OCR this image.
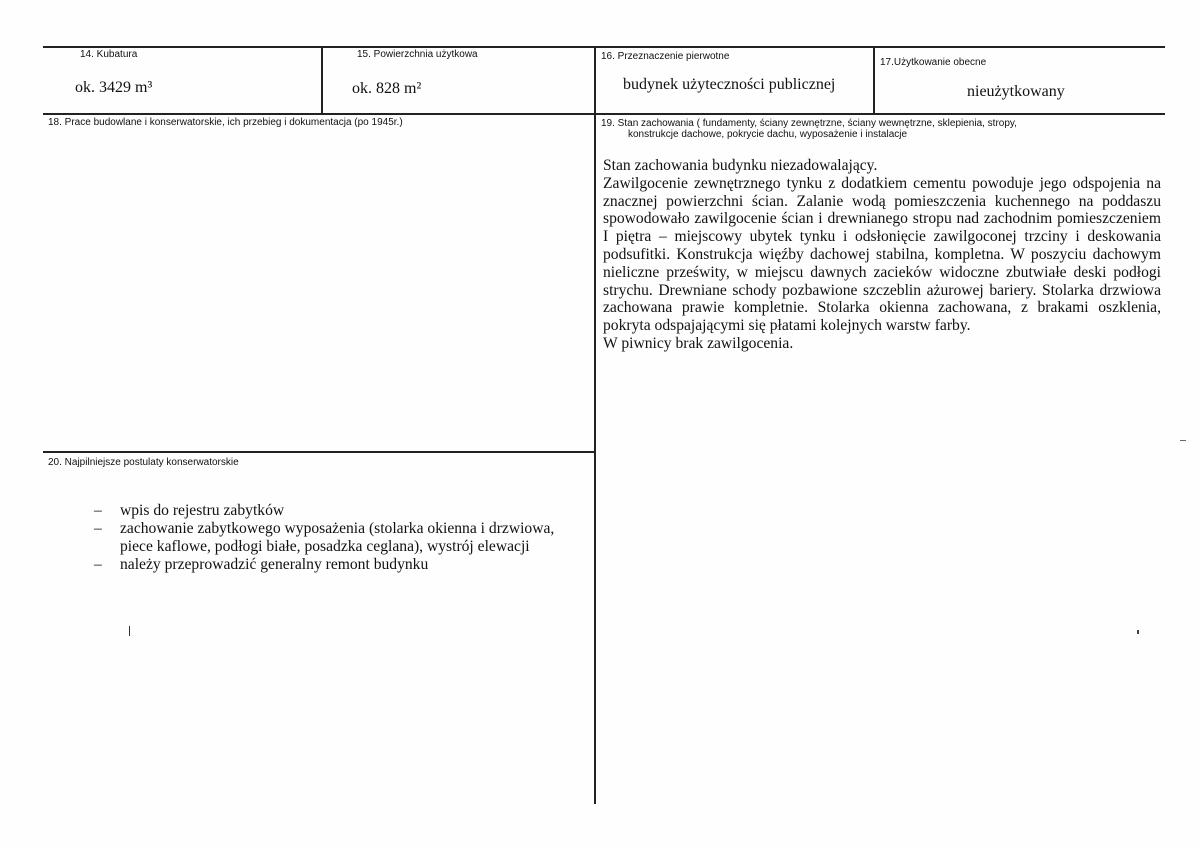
14. Kubatura
ok. 3429 m³
15. Powierzchnia użytkowa
ok. 828 m²
16. Przeznaczenie pierwotne
budynek użyteczności publicznej
17.Użytkowanie obecne
nieużytkowany
18. Prace budowlane i konserwatorskie, ich przebieg i dokumentacja (po 1945r.)	19. Stan zachowania ( fundamenty, ściany zewnętrzne, ściany wewnętrzne, sklepienia, stropy,
konstrukcje dachowe, pokrycie dachu, wyposażenie i instalacje

Stan zachowania budynku niezadowalający.

Zawilgocenie zewnętrznego tynku z dodatkiem cementu powoduje jego odspojenia na znacznej powierzchni ścian. Zalanie wodą pomieszczenia kuchennego na poddaszu spowodowało zawilgocenie ścian i drewnianego stropu nad zachodnim pomieszczeniem I piętra – miejscowy ubytek tynku i odsłonięcie zawilgoconej trzciny i deskowania podsufitki. Konstrukcja więźby dachowej stabilna, kompletna. W poszyciu dachowym nieliczne prześwity, w miejscu dawnych zacieków widoczne zbutwiałe deski podłogi strychu. Drewniane schody pozbawione szczeblin ażurowej bariery. Stolarka drzwiowa zachowana prawie kompletnie. Stolarka okienna zachowana, z brakami oszklenia, pokryta odspajającymi się płatami kolejnych warstw farby.

W piwnicy brak zawilgocenia.

20. Najpilniejsze postulaty konserwatorskie
– wpis do rejestru zabytków
– zachowanie zabytkowego wyposażenia (stolarka okienna i drzwiowa, piece kaflowe, podłogi białe, posadzka ceglana), wystrój elewacji
– należy przeprowadzić generalny remont budynku
